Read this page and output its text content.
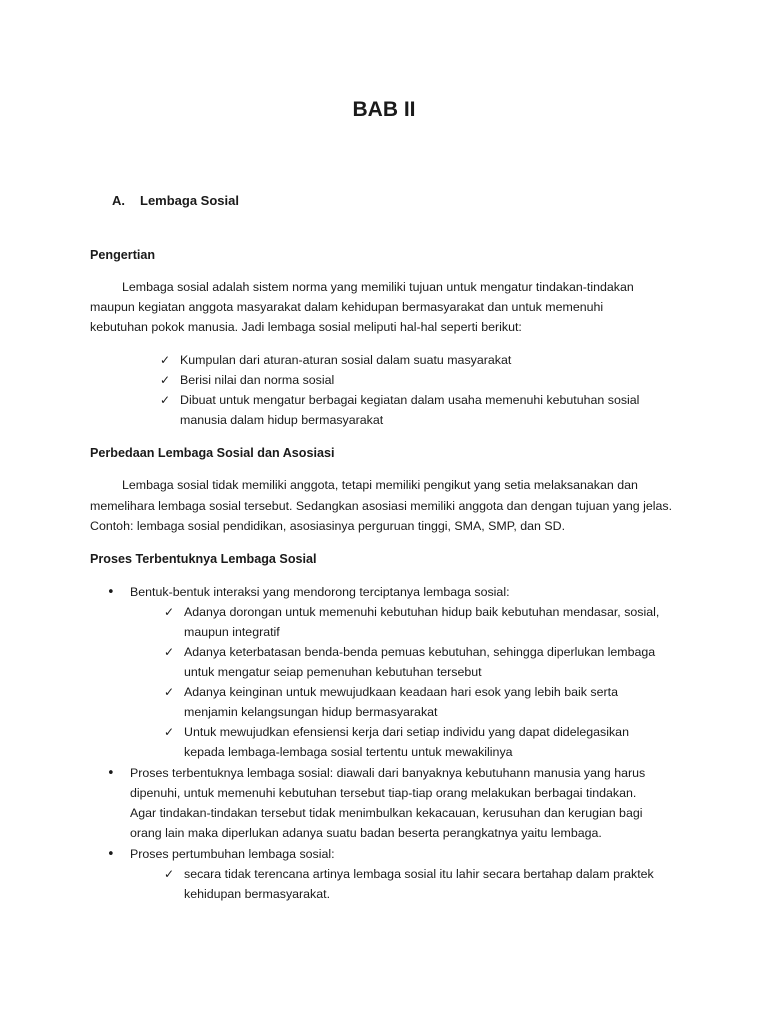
BAB II
A. Lembaga Sosial
Pengertian
Lembaga sosial adalah sistem norma yang memiliki tujuan untuk mengatur tindakan-tindakan
maupun kegiatan anggota masyarakat dalam kehidupan bermasyarakat dan untuk memenuhi
kebutuhan pokok manusia. Jadi lembaga sosial meliputi hal-hal seperti berikut:
✓ Kumpulan dari aturan-aturan sosial dalam suatu masyarakat
✓ Berisi nilai dan norma sosial
✓ Dibuat untuk mengatur berbagai kegiatan dalam usaha memenuhi kebutuhan sosial
manusia dalam hidup bermasyarakat
Perbedaan Lembaga Sosial dan Asosiasi
Lembaga sosial tidak memiliki anggota, tetapi memiliki pengikut yang setia melaksanakan dan
memelihara lembaga sosial tersebut. Sedangkan asosiasi memiliki anggota dan dengan tujuan yang jelas.
Contoh: lembaga sosial pendidikan, asosiasinya perguruan tinggi, SMA, SMP, dan SD.
Proses Terbentuknya Lembaga Sosial
• Bentuk-bentuk interaksi yang mendorong terciptanya lembaga sosial:
✓ Adanya dorongan untuk memenuhi kebutuhan hidup baik kebutuhan mendasar, sosial,
maupun integratif
✓ Adanya keterbatasan benda-benda pemuas kebutuhan, sehingga diperlukan lembaga
untuk mengatur seiap pemenuhan kebutuhan tersebut
✓ Adanya keinginan untuk mewujudkaan keadaan hari esok yang lebih baik serta
menjamin kelangsungan hidup bermasyarakat
✓ Untuk mewujudkan efensiensi kerja dari setiap individu yang dapat didelegasikan
kepada lembaga-lembaga sosial tertentu untuk mewakilinya
• Proses terbentuknya lembaga sosial: diawali dari banyaknya kebutuhann manusia yang harus
dipenuhi, untuk memenuhi kebutuhan tersebut tiap-tiap orang melakukan berbagai tindakan.
Agar tindakan-tindakan tersebut tidak menimbulkan kekacauan, kerusuhan dan kerugian bagi
orang lain maka diperlukan adanya suatu badan beserta perangkatnya yaitu lembaga.
• Proses pertumbuhan lembaga sosial:
✓ secara tidak terencana artinya lembaga sosial itu lahir secara bertahap dalam praktek
kehidupan bermasyarakat.
